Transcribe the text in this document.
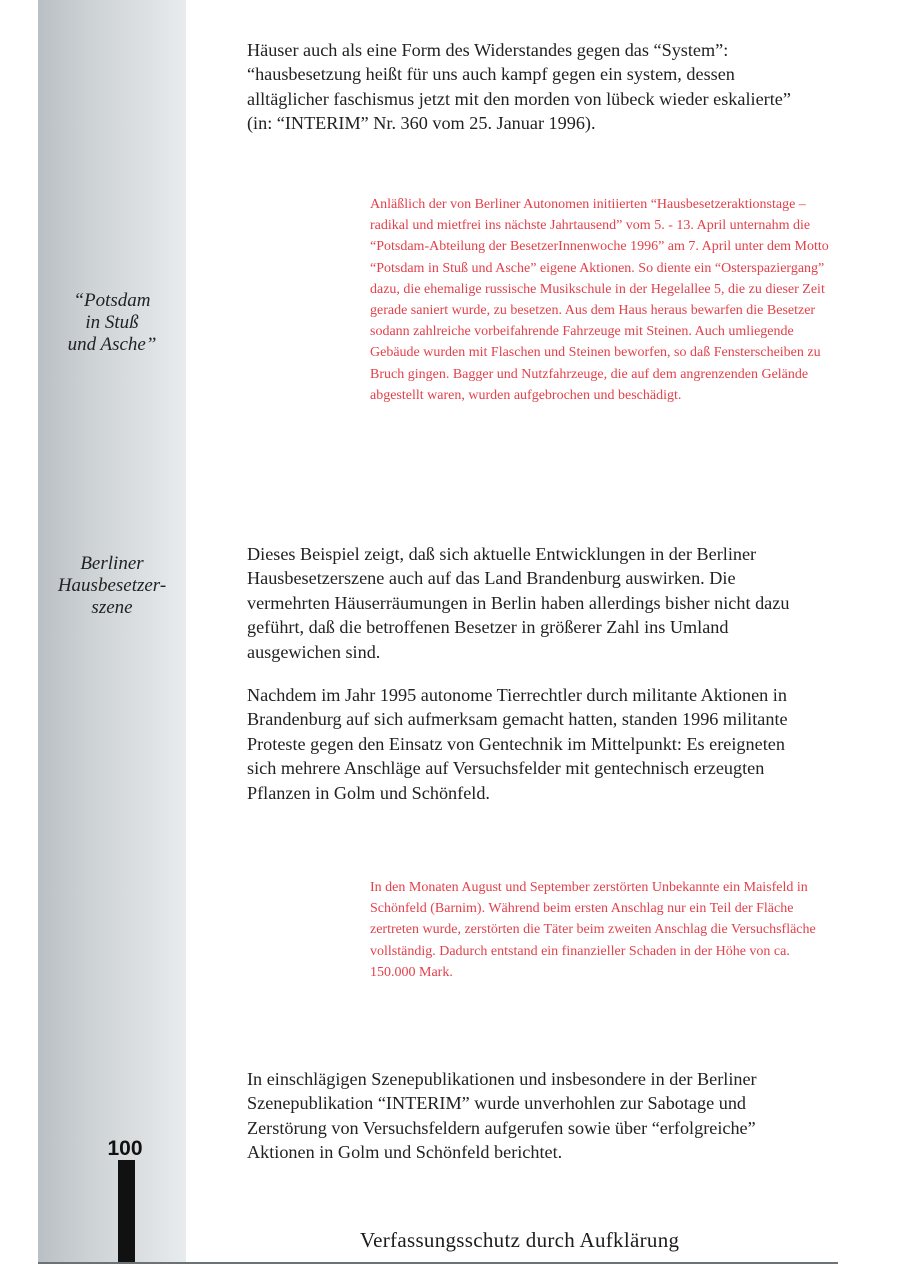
“Potsdam
in Stuß
und Asche”

Berliner
Hausbesetzer-
szene

Häuser auch als eine Form des Widerstandes gegen das “System”: “hausbesetzung heißt für uns auch kampf gegen ein system, dessen alltäglicher faschismus jetzt mit den morden von lübeck wieder eskalierte” (in: “INTERIM” Nr. 360 vom 25. Januar 1996).

Anläßlich der von Berliner Autonomen initiierten “Hausbesetzeraktionstage – radikal und mietfrei ins nächste Jahrtausend” vom 5. - 13. April unternahm die “Potsdam-Abteilung der BesetzerInnenwoche 1996” am 7. April unter dem Motto “Potsdam in Stuß und Asche” eigene Aktionen. So diente ein “Osterspaziergang” dazu, die ehemalige russische Musikschule in der Hegelallee 5, die zu dieser Zeit gerade saniert wurde, zu besetzen. Aus dem Haus heraus bewarfen die Besetzer sodann zahlreiche vorbeifahrende Fahrzeuge mit Steinen. Auch umliegende Gebäude wurden mit Flaschen und Steinen beworfen, so daß Fensterscheiben zu Bruch gingen. Bagger und Nutzfahrzeuge, die auf dem angrenzenden Gelände abgestellt waren, wurden aufgebrochen und beschädigt.

Dieses Beispiel zeigt, daß sich aktuelle Entwicklungen in der Berliner Hausbesetzerszene auch auf das Land Brandenburg auswirken. Die vermehrten Häuserräumungen in Berlin haben allerdings bisher nicht dazu geführt, daß die betroffenen Besetzer in größerer Zahl ins Umland ausgewichen sind.

Nachdem im Jahr 1995 autonome Tierrechtler durch militante Aktionen in Brandenburg auf sich aufmerksam gemacht hatten, standen 1996 militante Proteste gegen den Einsatz von Gentechnik im Mittelpunkt: Es ereigneten sich mehrere Anschläge auf Versuchsfelder mit gentechnisch erzeugten Pflanzen in Golm und Schönfeld.

In den Monaten August und September zerstörten Unbekannte ein Maisfeld in Schönfeld (Barnim). Während beim ersten Anschlag nur ein Teil der Fläche zertreten wurde, zerstörten die Täter beim zweiten Anschlag die Versuchsfläche vollständig. Dadurch entstand ein finanzieller Schaden in der Höhe von ca. 150.000 Mark.

In einschlägigen Szenepublikationen und insbesondere in der Berliner Szenepublikation “INTERIM” wurde unverhohlen zur Sabotage und Zerstörung von Versuchsfeldern aufgerufen sowie über “erfolgreiche” Aktionen in Golm und Schönfeld berichtet.

100

Verfassungsschutz durch Aufklärung
